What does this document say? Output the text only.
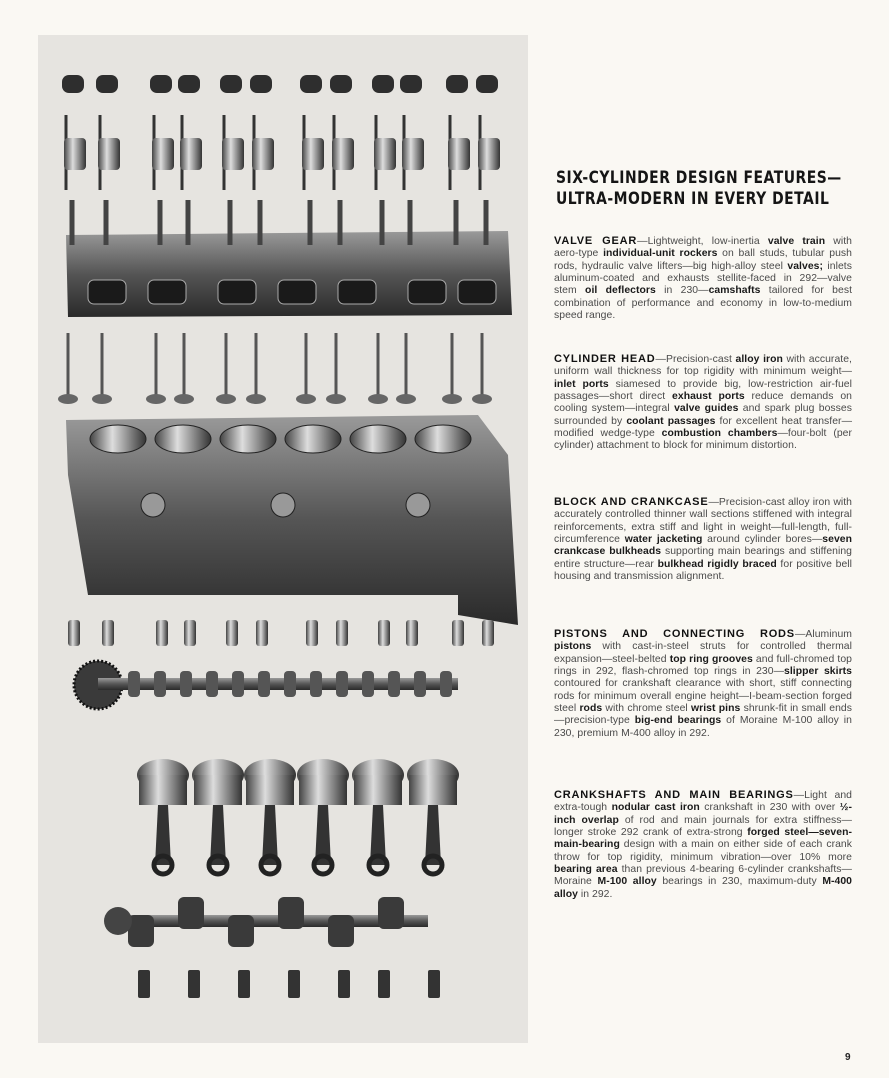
SIX-CYLINDER DESIGN FEATURES—
ULTRA-MODERN IN EVERY DETAIL
VALVE GEAR—Lightweight, low-inertia valve train with aero-type individual-unit rockers on ball studs, tubular push rods, hydraulic valve lifters—big high-alloy steel valves; inlets aluminum-coated and exhausts stellite-faced in 292—valve stem oil deflectors in 230—camshafts tailored for best combination of performance and economy in low-to-medium speed range.
CYLINDER HEAD—Precision-cast alloy iron with accurate, uniform wall thickness for top rigidity with minimum weight—inlet ports siamesed to provide big, low-restriction air-fuel passages—short direct exhaust ports reduce demands on cooling system—integral valve guides and spark plug bosses surrounded by coolant passages for excellent heat transfer—modified wedge-type combustion chambers—four-bolt (per cylinder) attachment to block for minimum distortion.
BLOCK AND CRANKCASE—Precision-cast alloy iron with accurately controlled thinner wall sections stiffened with integral reinforcements, extra stiff and light in weight—full-length, full-circumference water jacketing around cylinder bores—seven crankcase bulkheads supporting main bearings and stiffening entire structure—rear bulkhead rigidly braced for positive bell housing and transmission alignment.
PISTONS AND CONNECTING RODS—Aluminum pistons with cast-in-steel struts for controlled thermal expansion—steel-belted top ring grooves and full-chromed top rings in 292, flash-chromed top rings in 230—slipper skirts contoured for crankshaft clearance with short, stiff connecting rods for minimum overall engine height—I-beam-section forged steel rods with chrome steel wrist pins shrunk-fit in small ends—precision-type big-end bearings of Moraine M-100 alloy in 230, premium M-400 alloy in 292.
CRANKSHAFTS AND MAIN BEARINGS—Light and extra-tough nodular cast iron crankshaft in 230 with over ½-inch overlap of rod and main journals for extra stiffness—longer stroke 292 crank of extra-strong forged steel—seven-main-bearing design with a main on either side of each crank throw for top rigidity, minimum vibration—over 10% more bearing area than previous 4-bearing 6-cylinder crankshafts—Moraine M-100 alloy bearings in 230, maximum-duty M-400 alloy in 292.
9
